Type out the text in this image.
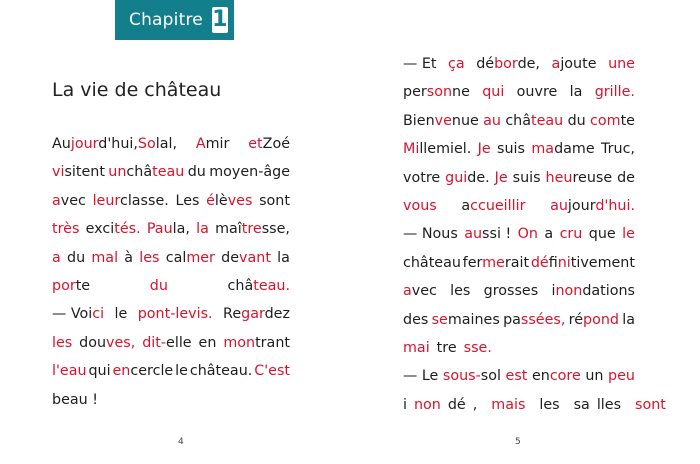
Chapitre 1
La vie de château
Aujourd'hui,Solal, Amir etZoé
visitent unchâteau du moyen-âge
avec leurclasse. Les élèves sont
très excités. Paula, la maîtresse,
a du mal à les calmer devant la
porte	du	château.
— Voici le pont-levis. Regardez
les douves, dit-elle en montrant
l'eau qui encercle le château. C'est
beau !
— Et ça déborde, ajoute une
personne qui ouvre la grille.
Bienvenue au château du comte
Millemiel. Je suis madame Truc,
votre guide. Je suis heureuse de
vous accueillir aujourd'hui.
— Nous aussi ! On a cru que le
château fermerait définitivement
avec les grosses inondations
des semaines passées, répond la
mai tre sse.
— Le sous-sol est encore un peu
i non dé , mais les sa lles sont
4	5
